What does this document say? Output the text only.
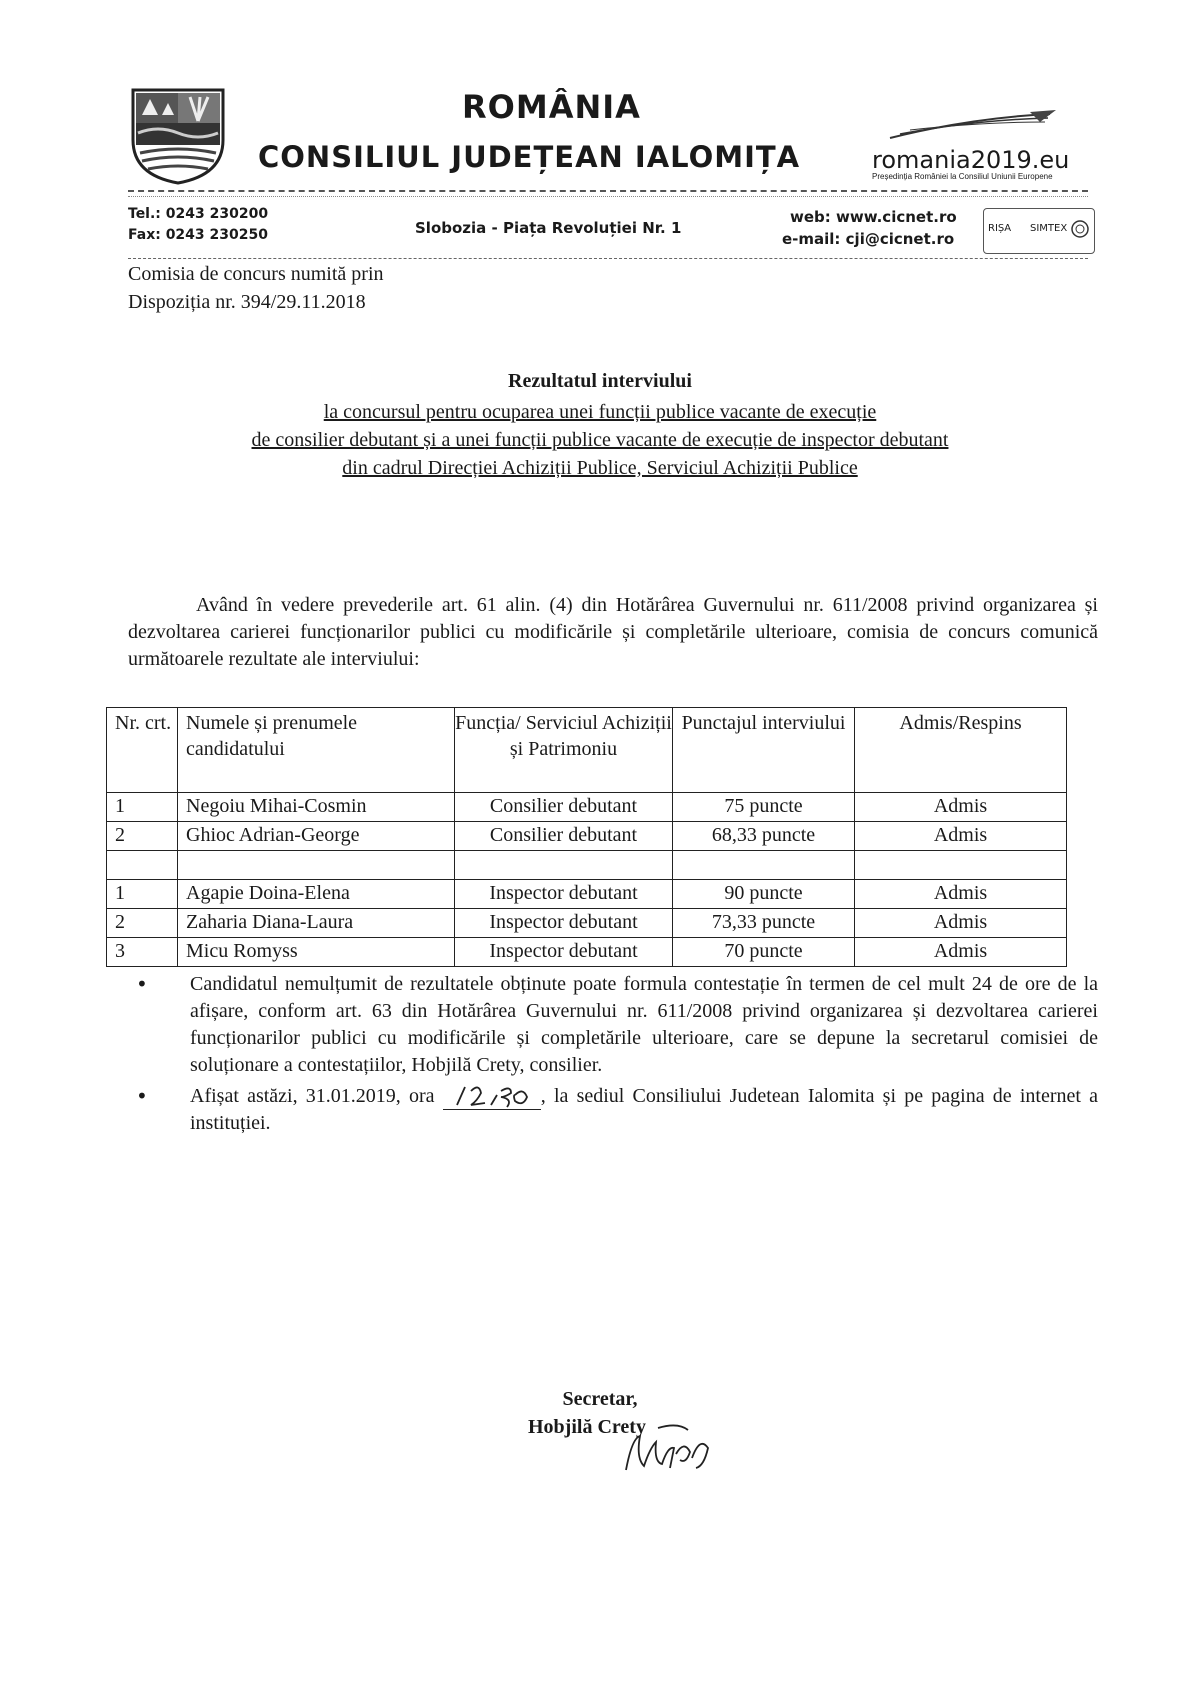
ROMÂNIA
CONSILIUL JUDEȚEAN IALOMIȚA	romania2019.eu
Președinția României la Consiliul Uniunii Europene
Tel.: 0243 230200
Fax: 0243 230250	Slobozia - Piața Revoluției Nr. 1
web: www.cicnet.ro
e-mail: cji@cicnet.ro
RIȘA SIMTEX
Comisia de concurs numită prin
Dispoziția nr. 394/29.11.2018
Rezultatul interviului
la concursul pentru ocuparea unei funcții publice vacante de execuție
de consilier debutant și a unei funcții publice vacante de execuție de inspector debutant
din cadrul Direcției Achiziții Publice, Serviciul Achiziții Publice
Având în vedere prevederile art. 61 alin. (4) din Hotărârea Guvernului nr. 611/2008 privind organizarea și dezvoltarea carierei funcționarilor publici cu modificările și completările ulterioare, comisia de concurs comunică următoarele rezultate ale interviului:
Nr. crt.	Numele și prenumele candidatului	Funcția/ Serviciul Achiziții și Patrimoniu	Punctajul interviului	Admis/Respins
1	Negoiu Mihai-Cosmin	Consilier debutant	75 puncte	Admis
2	Ghioc Adrian-George	Consilier debutant	68,33 puncte	Admis

1	Agapie Doina-Elena	Inspector debutant	90 puncte	Admis
2	Zaharia Diana-Laura	Inspector debutant	73,33 puncte	Admis
3	Micu Romyss	Inspector debutant	70 puncte	Admis
• Candidatul nemulțumit de rezultatele obținute poate formula contestație în termen de cel mult 24 de ore de la afișare, conform art. 63 din Hotărârea Guvernului nr. 611/2008 privind organizarea și dezvoltarea carierei funcționarilor publici cu modificările și completările ulterioare, care se depune la secretarul comisiei de soluționare a contestațiilor, Hobjilă Crety, consilier.
• Afișat astăzi, 31.01.2019, ora	, la sediul Consiliului Judetean Ialomita și pe pagina de internet a instituției.
Secretar,
Hobjilă Crety
